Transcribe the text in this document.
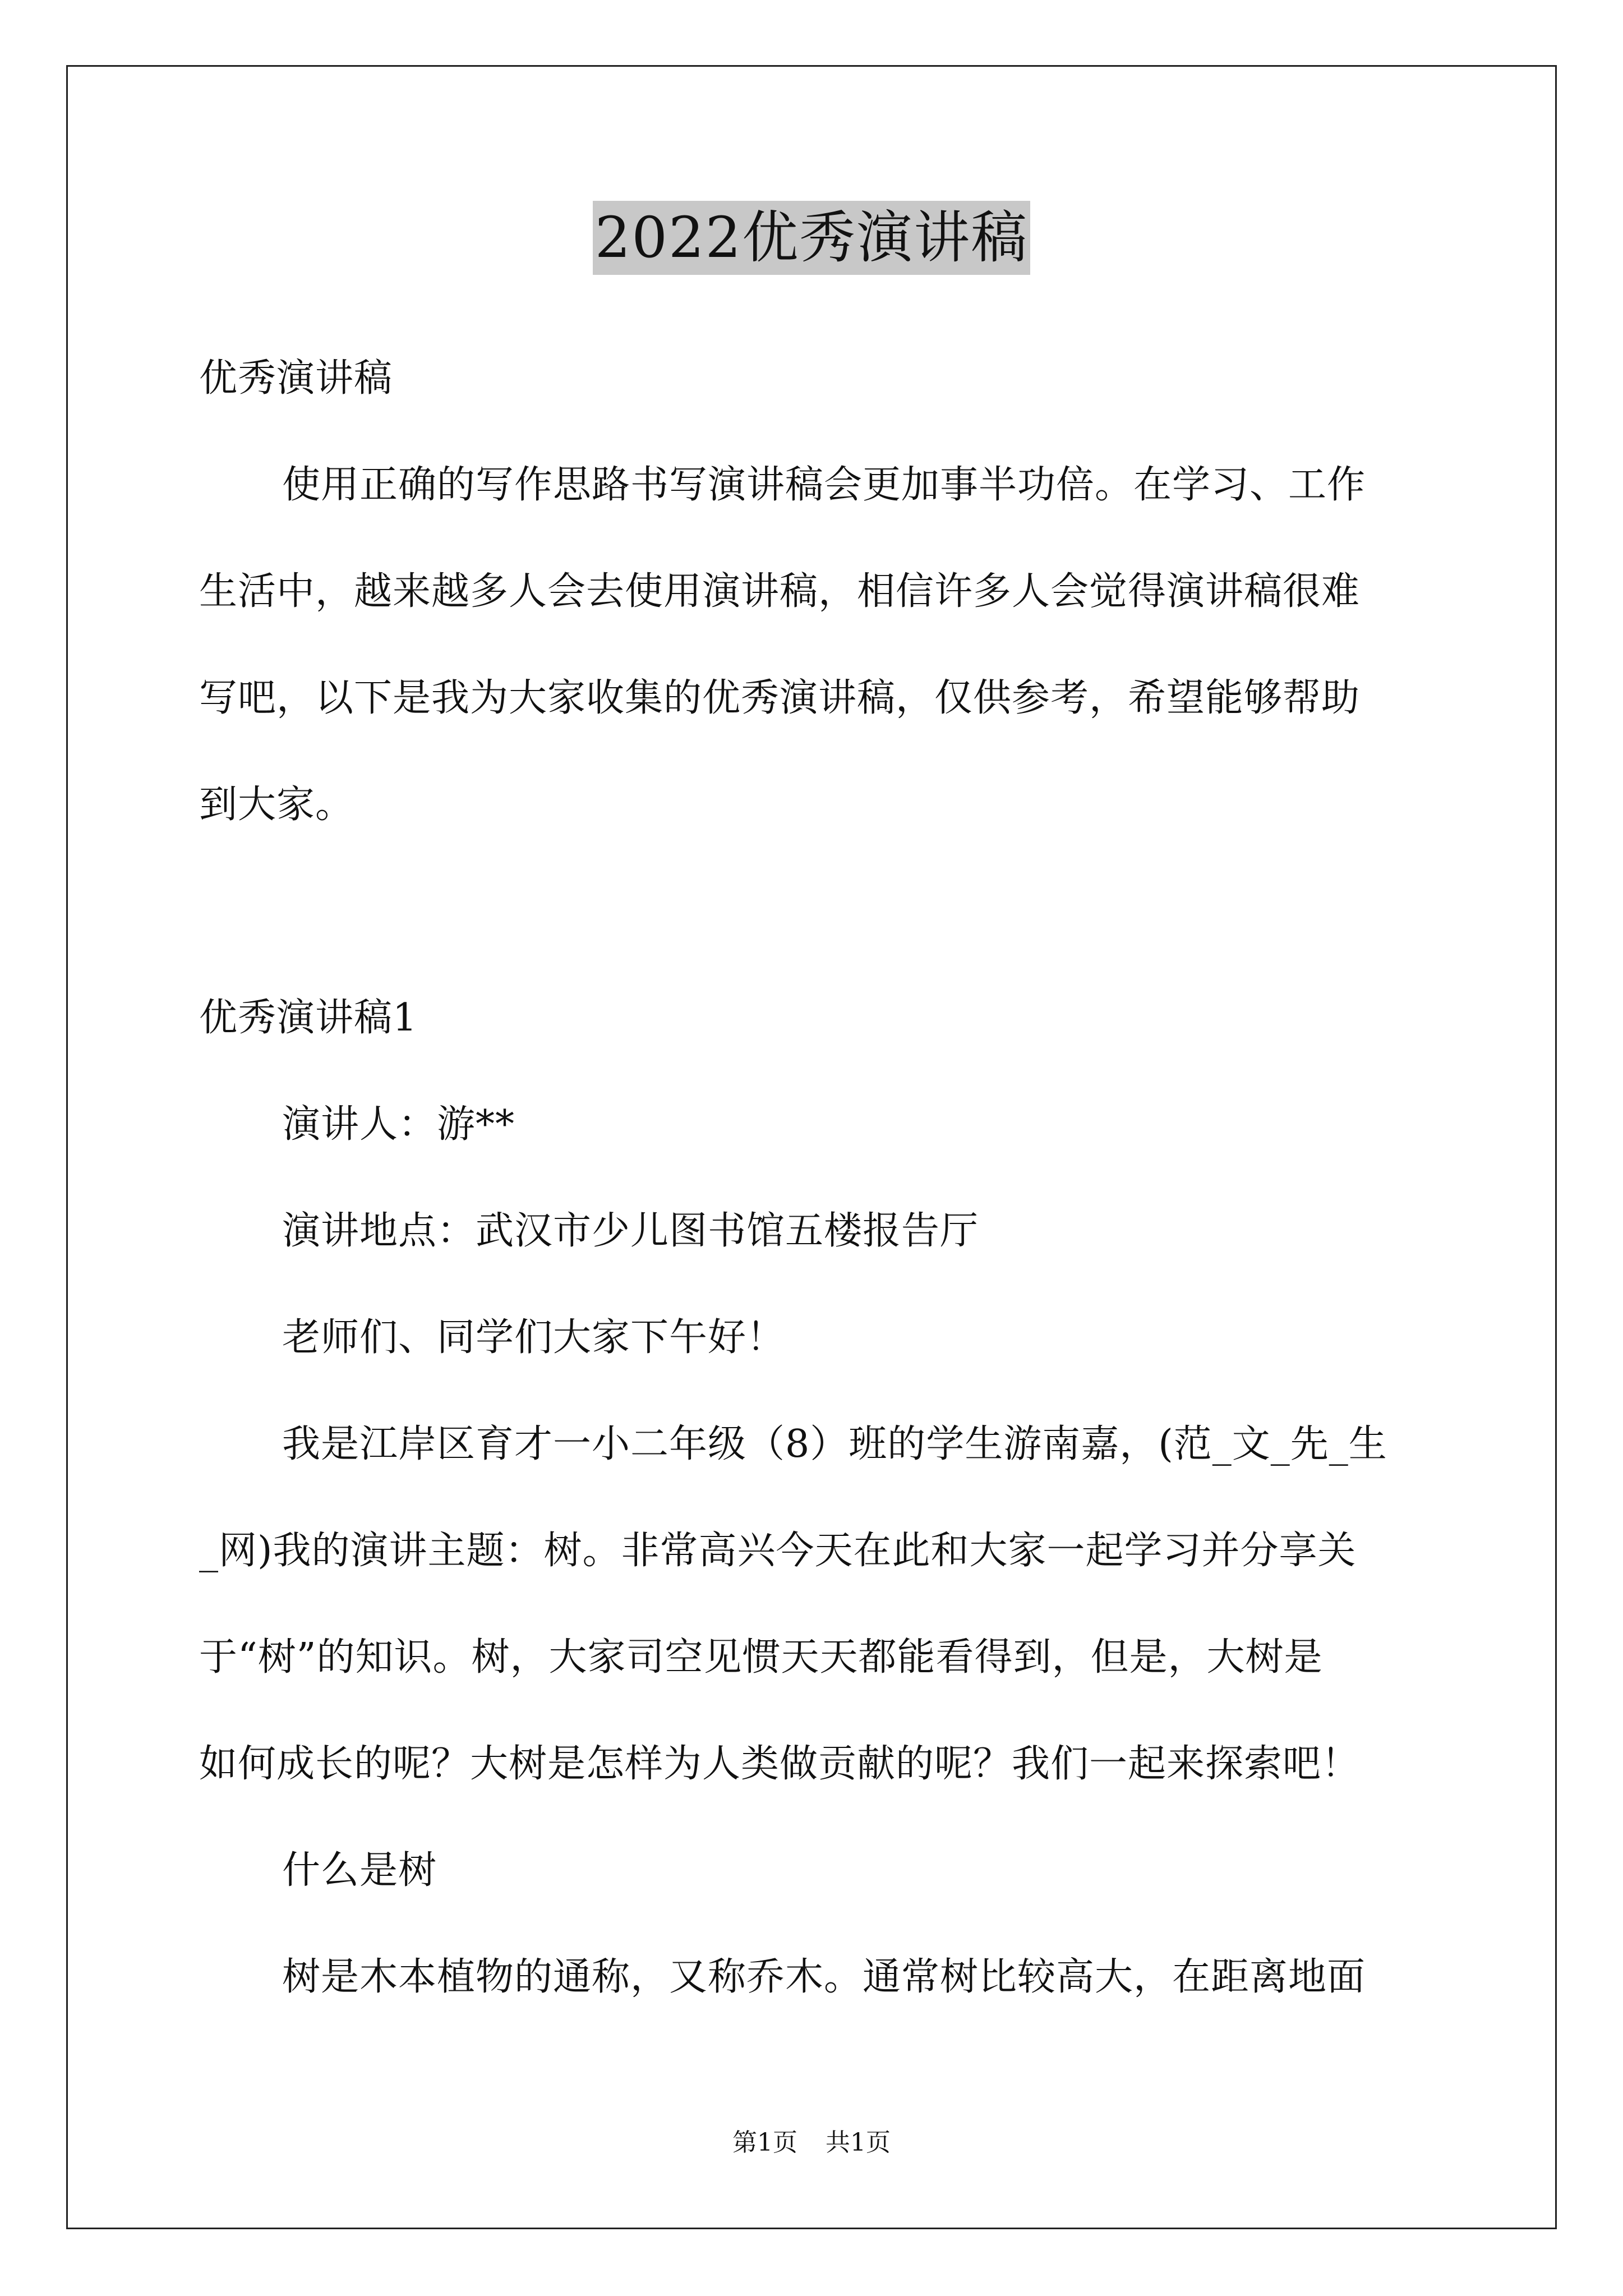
2022优秀演讲稿
优秀演讲稿
使用正确的写作思路书写演讲稿会更加事半功倍。在学习、工作
生活中，越来越多人会去使用演讲稿，相信许多人会觉得演讲稿很难
写吧，以下是我为大家收集的优秀演讲稿，仅供参考，希望能够帮助
到大家。
优秀演讲稿1
演讲人：游**
演讲地点：武汉市少儿图书馆五楼报告厅
老师们、同学们大家下午好！
我是江岸区育才一小二年级（8）班的学生游南嘉，(范_文_先_生
_网)我的演讲主题：树。非常高兴今天在此和大家一起学习并分享关
于“树”的知识。树，大家司空见惯天天都能看得到，但是，大树是
如何成长的呢？大树是怎样为人类做贡献的呢？我们一起来探索吧！
什么是树
树是木本植物的通称，又称乔木。通常树比较高大，在距离地面
第1页 共1页
